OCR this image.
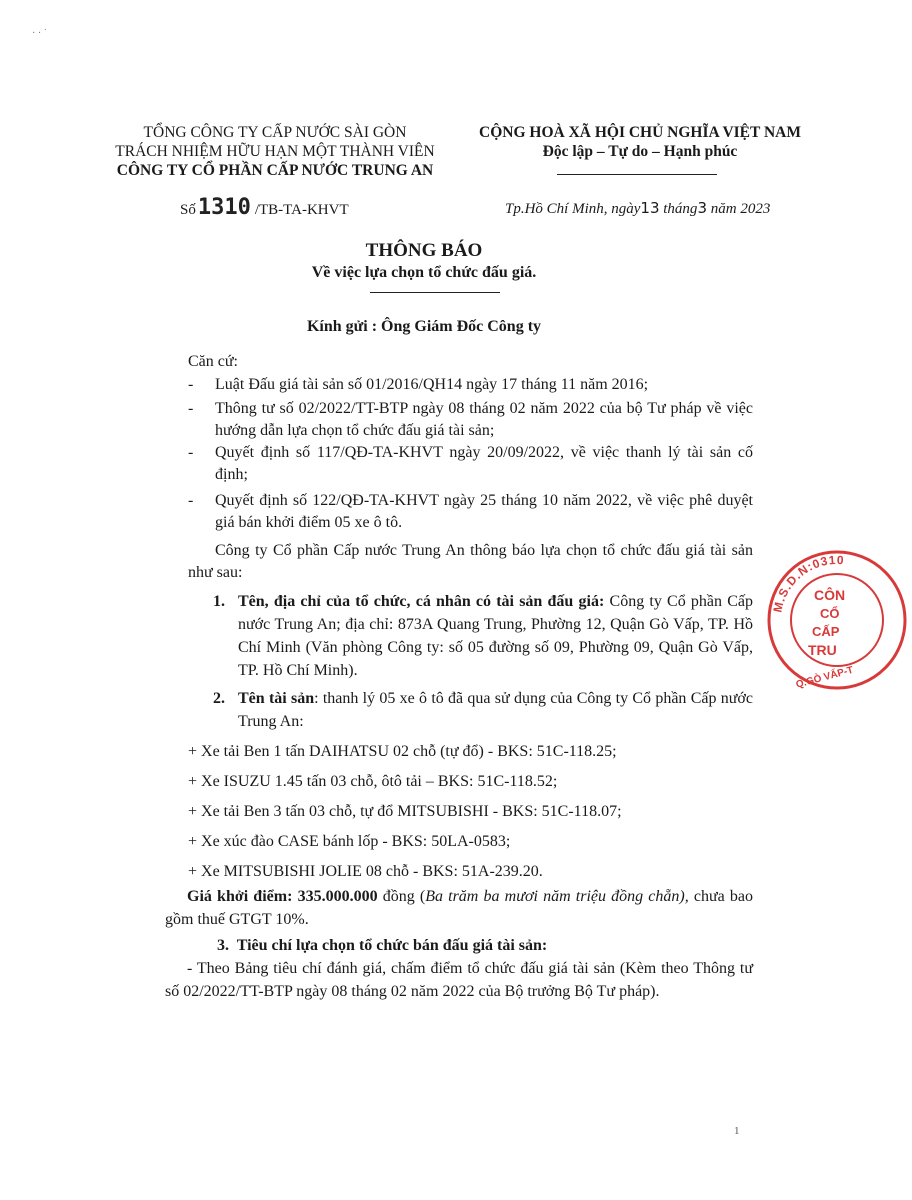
· · ˙
TỔNG CÔNG TY CẤP NƯỚC SÀI GÒN
TRÁCH NHIỆM HỮU HẠN MỘT THÀNH VIÊN
CÔNG TY CỔ PHẦN CẤP NƯỚC TRUNG AN
CỘNG HOÀ XÃ HỘI CHỦ NGHĨA VIỆT NAM
Độc lập – Tự do – Hạnh phúc
Số 1310 /TB-TA-KHVT	Tp.Hồ Chí Minh, ngày13 tháng3 năm 2023
THÔNG BÁO
Về việc lựa chọn tổ chức đấu giá.
Kính gửi : Ông Giám Đốc Công ty
Căn cứ:
- Luật Đấu giá tài sản số 01/2016/QH14 ngày 17 tháng 11 năm 2016;
- Thông tư số 02/2022/TT-BTP ngày 08 tháng 02 năm 2022 của bộ Tư pháp về việc hướng dẫn lựa chọn tổ chức đấu giá tài sản;
- Quyết định số 117/QĐ-TA-KHVT ngày 20/09/2022, về việc thanh lý tài sản cố định;
- Quyết định số 122/QĐ-TA-KHVT ngày 25 tháng 10 năm 2022, về việc phê duyệt giá bán khởi điểm 05 xe ô tô.
Công ty Cổ phần Cấp nước Trung An thông báo lựa chọn tổ chức đấu giá tài sản như sau:
1. Tên, địa chỉ của tổ chức, cá nhân có tài sản đấu giá: Công ty Cổ phần Cấp nước Trung An; địa chỉ: 873A Quang Trung, Phường 12, Quận Gò Vấp, TP. Hồ Chí Minh (Văn phòng Công ty: số 05 đường số 09, Phường 09, Quận Gò Vấp, TP. Hồ Chí Minh).
2. Tên tài sản: thanh lý 05 xe ô tô đã qua sử dụng của Công ty Cổ phần Cấp nước Trung An:
+ Xe tải Ben 1 tấn DAIHATSU 02 chỗ (tự đổ) - BKS: 51C-118.25;
+ Xe ISUZU 1.45 tấn 03 chỗ, ôtô tải – BKS: 51C-118.52;
+ Xe tải Ben 3 tấn 03 chỗ, tự đổ MITSUBISHI - BKS: 51C-118.07;
+ Xe xúc đào CASE bánh lốp - BKS: 50LA-0583;
+ Xe MITSUBISHI JOLIE 08 chỗ - BKS: 51A-239.20.
Giá khởi điểm: 335.000.000 đồng (Ba trăm ba mươi năm triệu đồng chẵn), chưa bao gồm thuế GTGT 10%.
3. Tiêu chí lựa chọn tổ chức bán đấu giá tài sản:
- Theo Bảng tiêu chí đánh giá, chấm điểm tổ chức đấu giá tài sản (Kèm theo Thông tư số 02/2022/TT-BTP ngày 08 tháng 02 năm 2022 của Bộ trưởng Bộ Tư pháp).
M.S.D.N:0310
CÔN
CỔ
CẤP
TRU
Q.GÒ VẤP-T
1
